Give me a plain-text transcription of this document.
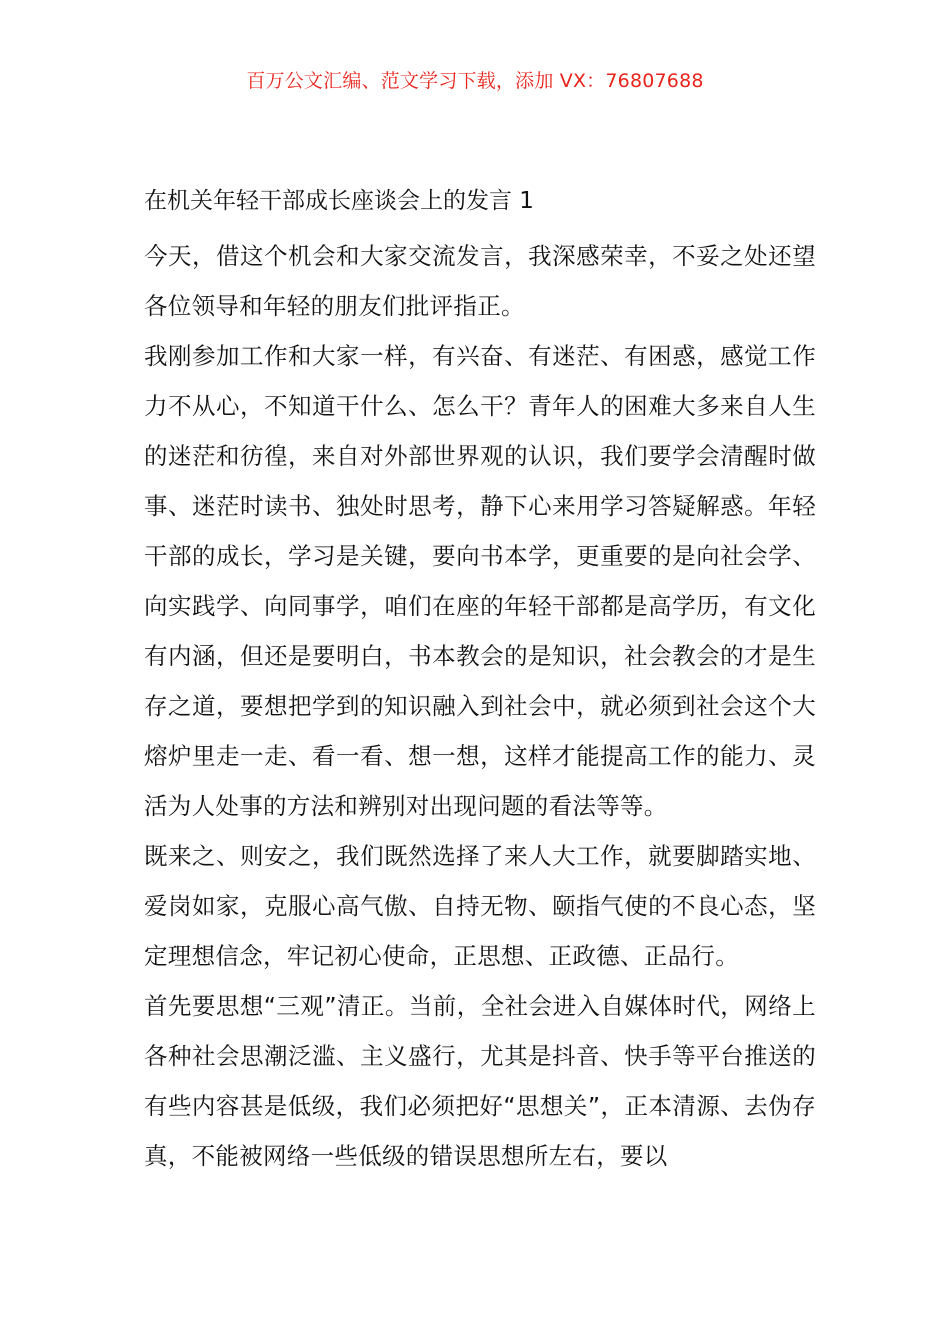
百万公文汇编、范文学习下载，添加 VX：76807688
在机关年轻干部成长座谈会上的发言 1

今天，借这个机会和大家交流发言，我深感荣幸，不妥之处还望各位领导和年轻的朋友们批评指正。

我刚参加工作和大家一样，有兴奋、有迷茫、有困惑，感觉工作力不从心，不知道干什么、怎么干？青年人的困难大多来自人生的迷茫和彷徨，来自对外部世界观的认识，我们要学会清醒时做事、迷茫时读书、独处时思考，静下心来用学习答疑解惑。年轻干部的成长，学习是关键，要向书本学，更重要的是向社会学、向实践学、向同事学，咱们在座的年轻干部都是高学历，有文化有内涵，但还是要明白，书本教会的是知识，社会教会的才是生存之道，要想把学到的知识融入到社会中，就必须到社会这个大熔炉里走一走、看一看、想一想，这样才能提高工作的能力、灵活为人处事的方法和辨别对出现问题的看法等等。

既来之、则安之，我们既然选择了来人大工作，就要脚踏实地、爱岗如家，克服心高气傲、自持无物、颐指气使的不良心态，坚定理想信念，牢记初心使命，正思想、正政德、正品行。

首先要思想“三观”清正。当前，全社会进入自媒体时代，网络上各种社会思潮泛滥、主义盛行，尤其是抖音、快手等平台推送的有些内容甚是低级，我们必须把好“思想关”，正本清源、去伪存真，不能被网络一些低级的错误思想所左右，要以
